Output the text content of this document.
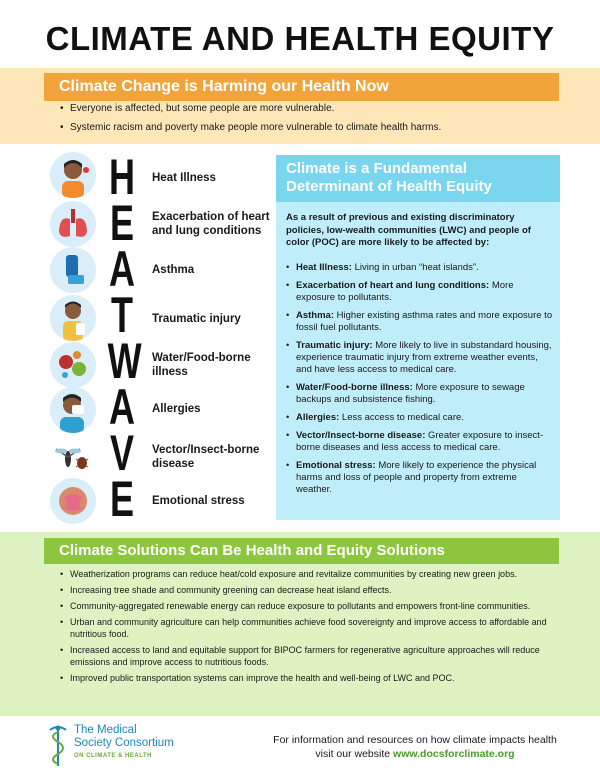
CLIMATE AND HEALTH EQUITY
Climate Change is Harming our Health Now
• Everyone is affected, but some people are more vulnerable.
• Systemic racism and poverty make people more vulnerable to climate health harms.
Heat Illness
Exacerbation of heart and lung conditions
Asthma
Traumatic injury
Water/Food-borne illness
Allergies
Vector/Insect-borne disease
Emotional stress
H
E
A
T
W
A
V
E
Climate is a Fundamental Determinant of Health Equity
As a result of previous and existing discriminatory policies, low-wealth communities (LWC) and people of color (POC) are more likely to be affected by:
• Heat Illness: Living in urban “heat islands”.
• Exacerbation of heart and lung conditions: More exposure to pollutants.
• Asthma: Higher existing asthma rates and more exposure to fossil fuel pollutants.
• Traumatic injury: More likely to live in substandard housing, experience traumatic injury from extreme weather events, and have less access to medical care.
• Water/Food-borne illness: More exposure to sewage backups and subsistence fishing.
• Allergies: Less access to medical care.
• Vector/Insect-borne disease: Greater exposure to insect-borne diseases and less access to medical care.
• Emotional stress: More likely to experience the physical harms and loss of people and property from extreme weather.
Climate Solutions Can Be Health and Equity Solutions
• Weatherization programs can reduce heat/cold exposure and revitalize communities by creating new green jobs.
• Increasing tree shade and community greening can decrease heat island effects.
• Community-aggregated renewable energy can reduce exposure to pollutants and empowers front-line communities.
• Urban and community agriculture can help communities achieve food sovereignty and improve access to affordable and nutritious food.
• Increased access to land and equitable support for BIPOC farmers for regenerative agriculture approaches will reduce emissions and improve access to nutritious foods.
• Improved public transportation systems can improve the health and well-being of LWC and POC.
The Medical
Society Consortium
ON CLIMATE & HEALTH
For information and resources on how climate impacts health
visit our website www.docsforclimate.org
